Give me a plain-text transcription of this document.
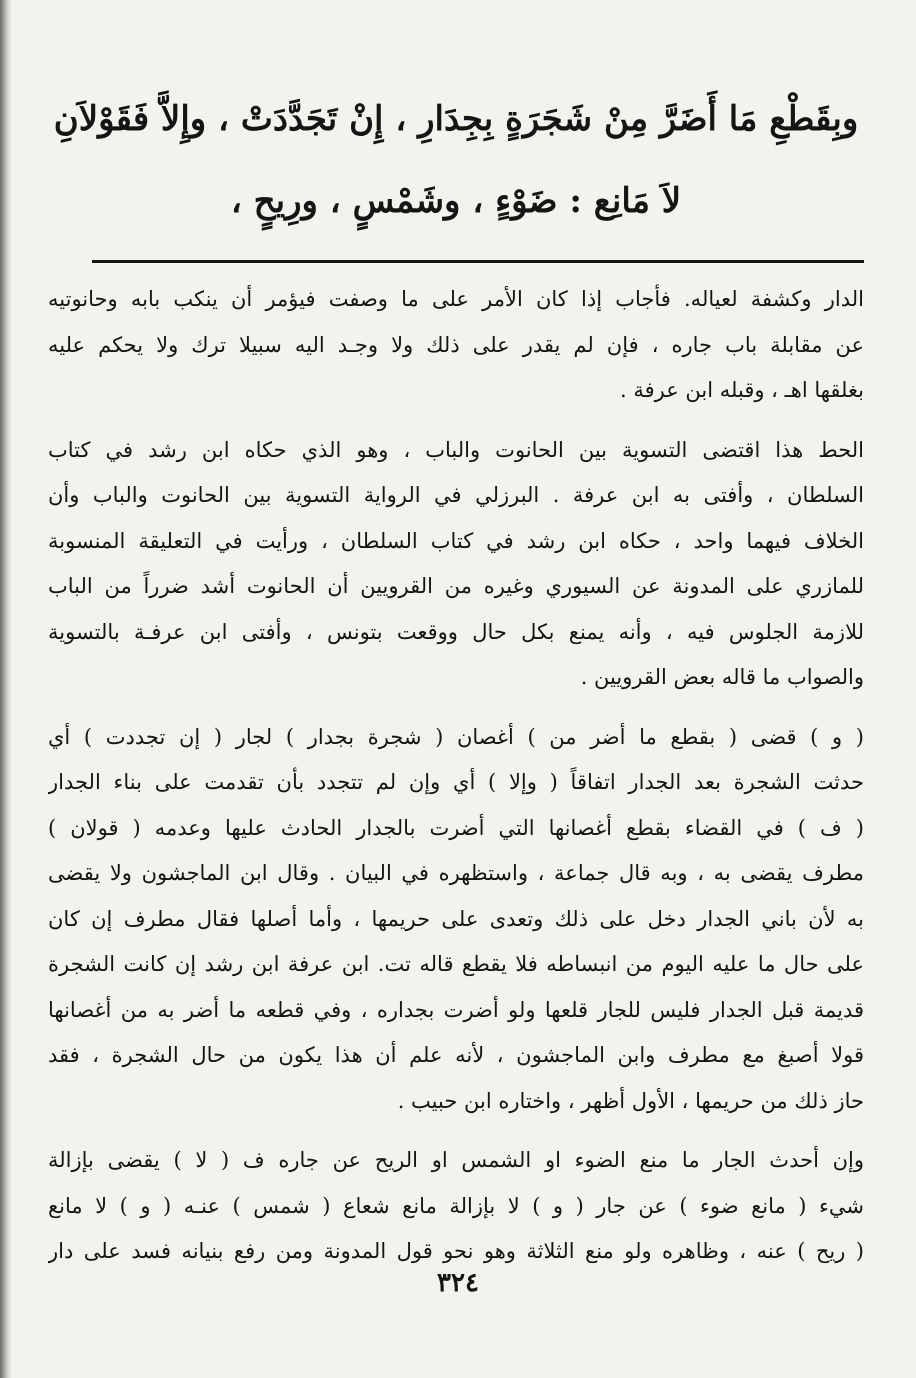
وبِقَطْعِ مَا أَضَرَّ مِنْ شَجَرَةٍ بِجِدَارِ ، إِنْ تَجَدَّدَتْ ، وإِلاَّ فَقَوْلاَنِ
لاَ مَانِع : ضَوْءٍ ، وشَمْسٍ ، ورِيحٍ ،

الدار وكشفة لعياله. فأجاب إذا كان الأمر على ما وصفت فيؤمر أن ينكب بابه وحانوتيه
عن مقابلة باب جاره ، فإن لم يقدر على ذلك ولا وجـد اليه سبيلا ترك ولا يحكم عليه
بغلقها اهـ ، وقبله ابن عرفة .

الحط هذا اقتضى التسوية بين الحانوت والباب ، وهو الذي حكاه ابن رشد في كتاب
السلطان ، وأفتى به ابن عرفة . البرزلي في الرواية التسوية بين الحانوت والباب وأن
الخلاف فيهما واحد ، حكاه ابن رشد في كتاب السلطان ، ورأيت في التعليقة المنسوبة
للمازري على المدونة عن السيوري وغيره من القرويين أن الحانوت أشد ضرراً من الباب
للازمة الجلوس فيه ، وأنه يمنع بكل حال ووقعت بتونس ، وأفتى ابن عرفـة بالتسوية
والصواب ما قاله بعض القرويين .

( و ) قضى ( بقطع ما أضر من ) أغصان ( شجرة بجدار ) لجار ( إن تجددت ) أي
حدثت الشجرة بعد الجدار اتفاقاً ( وإلا ) أي وإن لم تتجدد بأن تقدمت على بناء الجدار
( ف ) في القضاء بقطع أغصانها التي أضرت بالجدار الحادث عليها وعدمه ( قولان )
مطرف يقضى به ، وبه قال جماعة ، واستظهره في البيان . وقال ابن الماجشون ولا يقضى
به لأن باني الجدار دخل على ذلك وتعدى على حريمها ، وأما أصلها فقال مطرف إن كان
على حال ما عليه اليوم من انبساطه فلا يقطع قاله تت. ابن عرفة ابن رشد إن كانت الشجرة
قديمة قبل الجدار فليس للجار قلعها ولو أضرت بجداره ، وفي قطعه ما أضر به من أغصانها
قولا أصبغ مع مطرف وابن الماجشون ، لأنه علم أن هذا يكون من حال الشجرة ، فقد
حاز ذلك من حريمها ، الأول أظهر ، واختاره ابن حبيب .

وإن أحدث الجار ما منع الضوء او الشمس او الريح عن جاره ف ( لا ) يقضى بإزالة
شيء ( مانع ضوء ) عن جار ( و ) لا بإزالة مانع شعاع ( شمس ) عنـه ( و ) لا مانع
( ريح ) عنه ، وظاهره ولو منع الثلاثة وهو نحو قول المدونة ومن رفع بنيانه فسد على دار

٣٢٤
